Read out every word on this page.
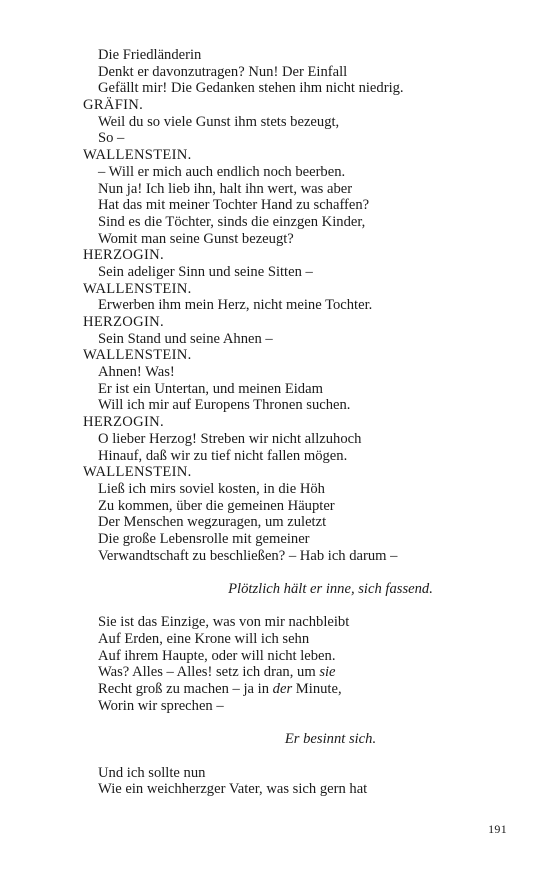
Die Friedländerin
Denkt er davonzutragen? Nun! Der Einfall
Gefällt mir! Die Gedanken stehen ihm nicht niedrig.
GRÄFIN.
Weil du so viele Gunst ihm stets bezeugt,
So –
WALLENSTEIN.
– Will er mich auch endlich noch beerben.
Nun ja! Ich lieb ihn, halt ihn wert, was aber
Hat das mit meiner Tochter Hand zu schaffen?
Sind es die Töchter, sinds die einzgen Kinder,
Womit man seine Gunst bezeugt?
HERZOGIN.
Sein adeliger Sinn und seine Sitten –
WALLENSTEIN.
Erwerben ihm mein Herz, nicht meine Tochter.
HERZOGIN.
Sein Stand und seine Ahnen –
WALLENSTEIN.
Ahnen! Was!
Er ist ein Untertan, und meinen Eidam
Will ich mir auf Europens Thronen suchen.
HERZOGIN.
O lieber Herzog! Streben wir nicht allzuhoch
Hinauf, daß wir zu tief nicht fallen mögen.
WALLENSTEIN.
Ließ ich mirs soviel kosten, in die Höh
Zu kommen, über die gemeinen Häupter
Der Menschen wegzuragen, um zuletzt
Die große Lebensrolle mit gemeiner
Verwandtschaft zu beschließen? – Hab ich darum –
Plötzlich hält er inne, sich fassend.
Sie ist das Einzige, was von mir nachbleibt
Auf Erden, eine Krone will ich sehn
Auf ihrem Haupte, oder will nicht leben.
Was? Alles – Alles! setz ich dran, um sie
Recht groß zu machen – ja in der Minute,
Worin wir sprechen –
Er besinnt sich.
Und ich sollte nun
Wie ein weichherzger Vater, was sich gern hat
191
